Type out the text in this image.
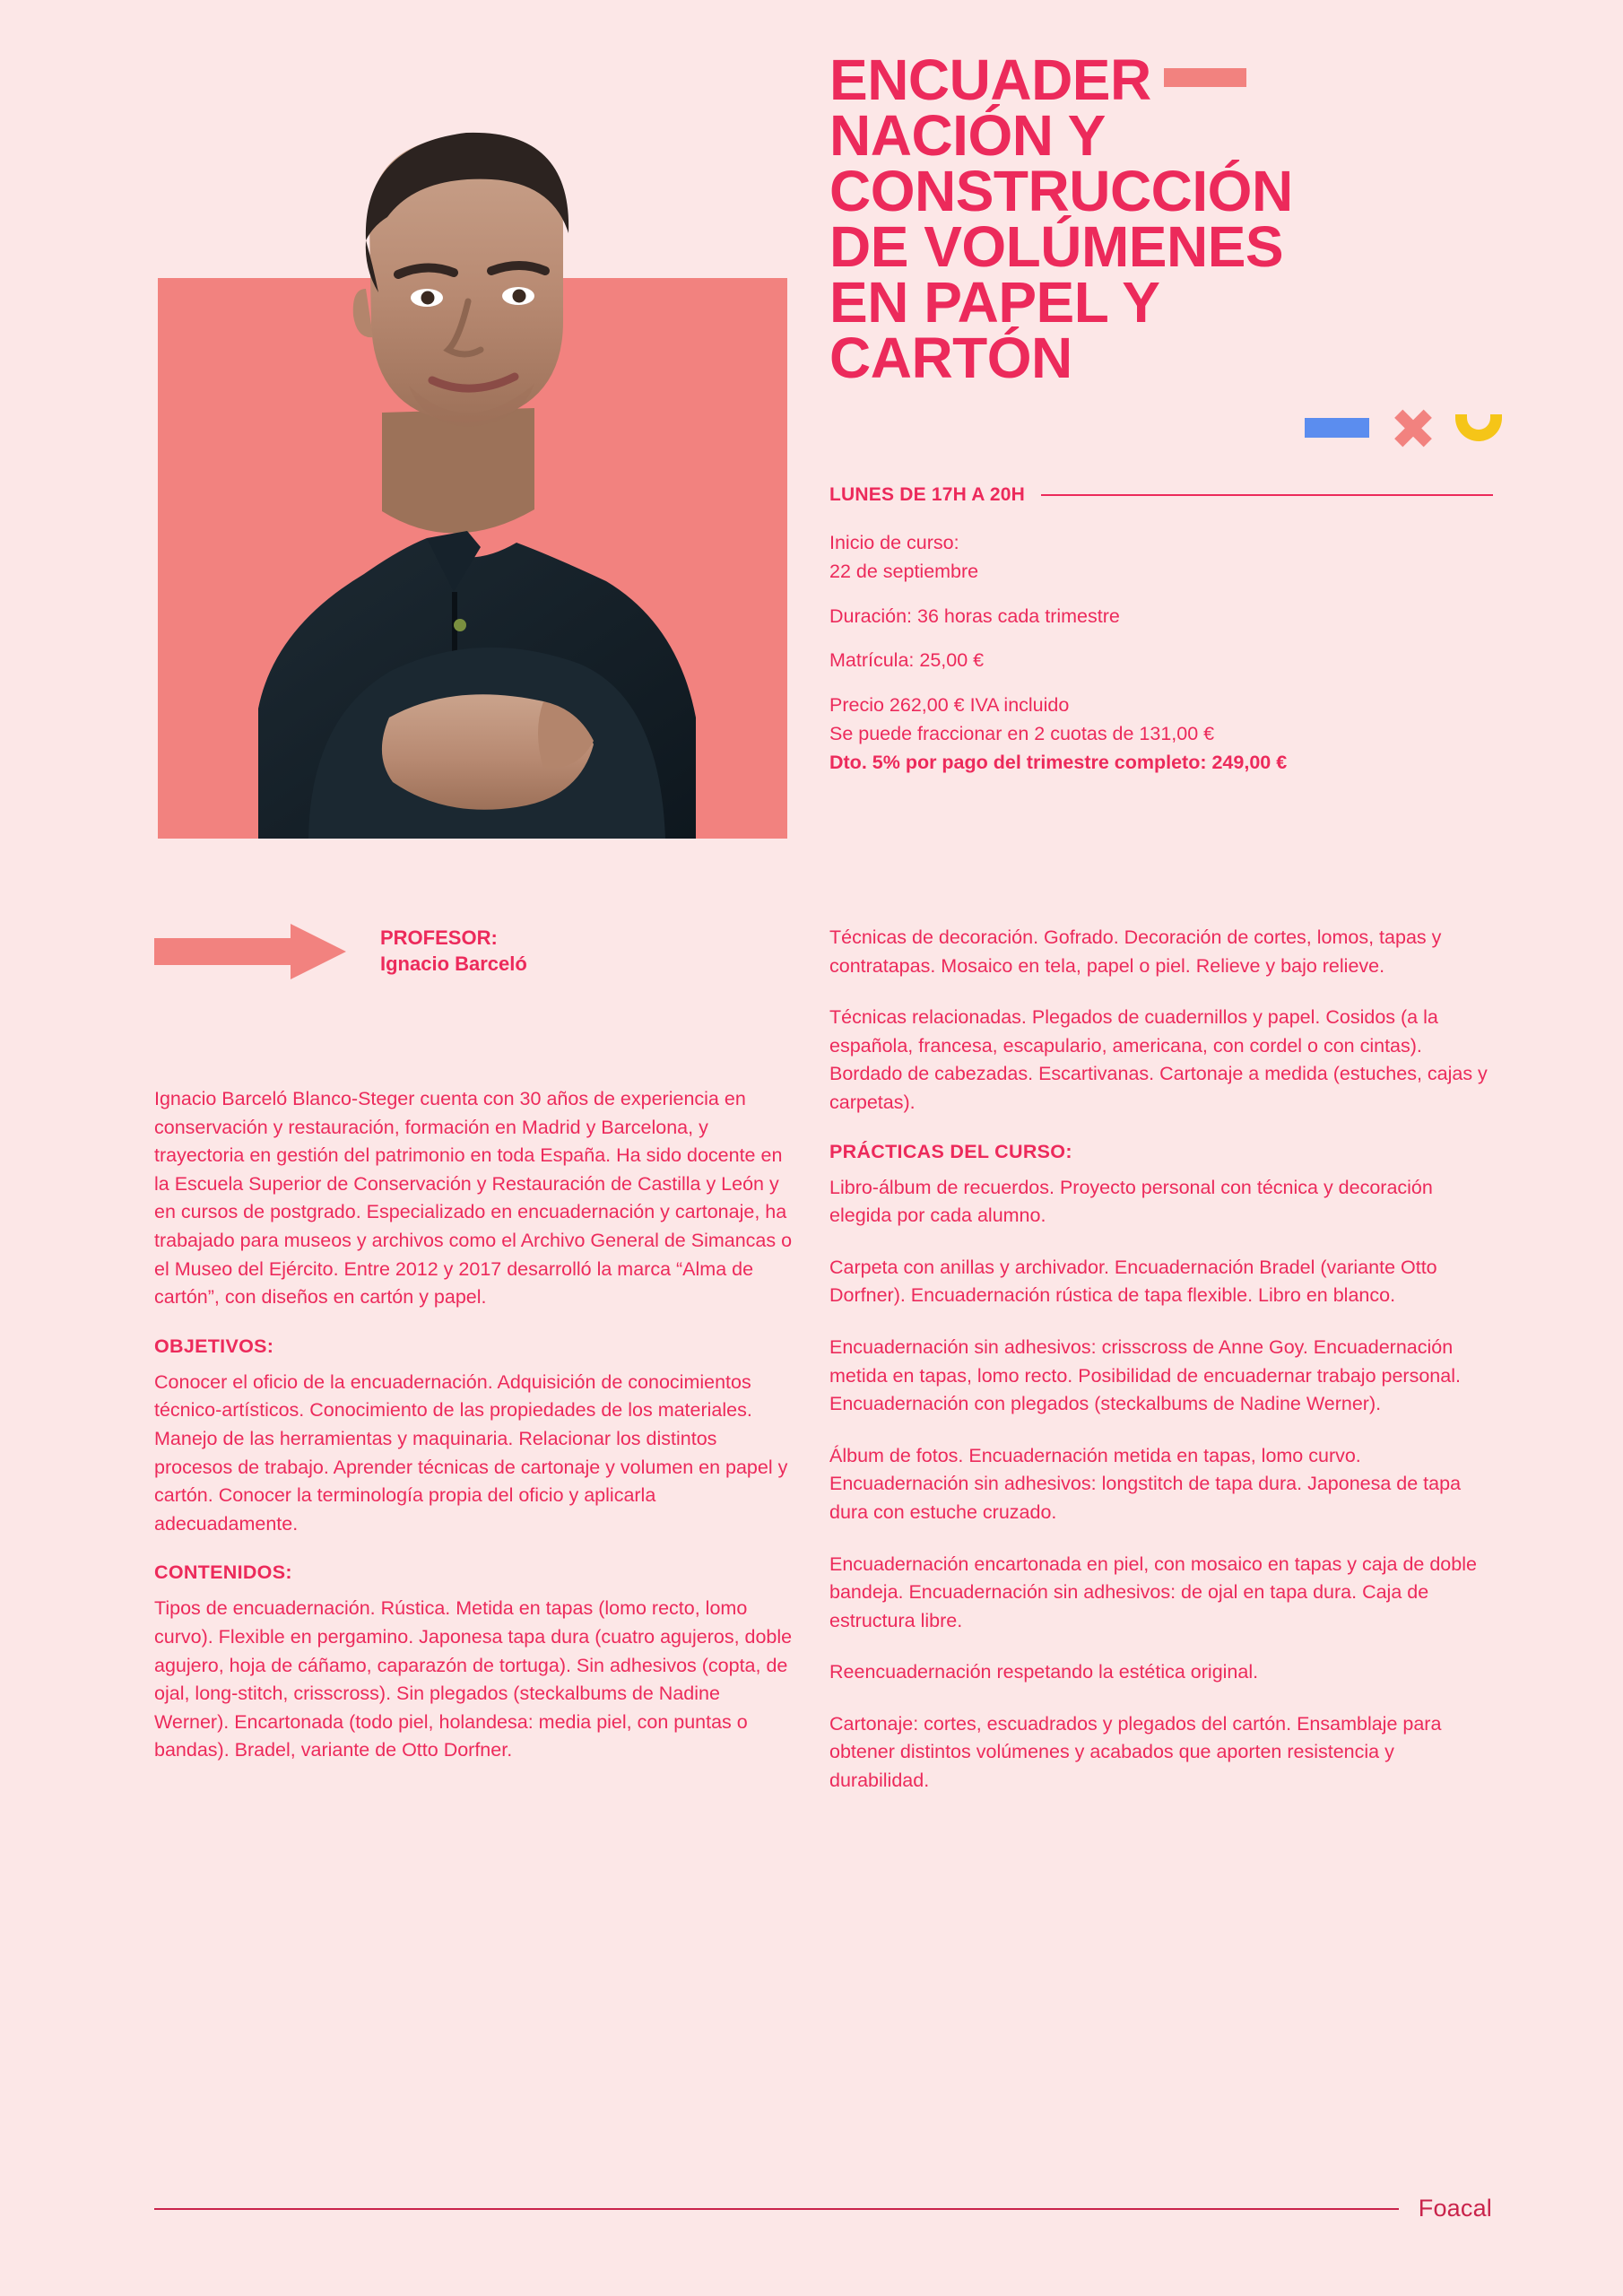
ENCUADER
NACIÓN Y
CONSTRUCCIÓN
DE VOLÚMENES
EN PAPEL Y
CARTÓN
LUNES DE 17H A 20H

Inicio de curso:
22 de septiembre

Duración: 36 horas cada trimestre

Matrícula: 25,00 €

Precio 262,00 € IVA incluido
Se puede fraccionar en 2 cuotas de 131,00 €
Dto. 5% por pago del trimestre completo: 249,00 €

PROFESOR:
Ignacio Barceló

Ignacio Barceló Blanco-Steger cuenta con 30 años de experiencia en conservación y restauración, formación en Madrid y Barcelona, y trayectoria en gestión del patrimonio en toda España. Ha sido docente en la Escuela Superior de Conservación y Restauración de Castilla y León y en cursos de postgrado. Especializado en encuadernación y cartonaje, ha trabajado para museos y archivos como el Archivo General de Simancas o el Museo del Ejército. Entre 2012 y 2017 desarrolló la marca “Alma de cartón”, con diseños en cartón y papel.

OBJETIVOS:

Conocer el oficio de la encuadernación. Adquisición de conocimientos técnico-artísticos. Conocimiento de las propiedades de los materiales. Manejo de las herramientas y maquinaria. Relacionar los distintos procesos de trabajo. Aprender técnicas de cartonaje y volumen en papel y cartón. Conocer la terminología propia del oficio y aplicarla adecuadamente.

CONTENIDOS:

Tipos de encuadernación. Rústica. Metida en tapas (lomo recto, lomo curvo). Flexible en pergamino. Japonesa tapa dura (cuatro agujeros, doble agujero, hoja de cáñamo, caparazón de tortuga). Sin adhesivos (copta, de ojal, long-stitch, crisscross). Sin plegados (steckalbums de Nadine Werner). Encartonada (todo piel, holandesa: media piel, con puntas o bandas). Bradel, variante de Otto Dorfner.

Técnicas de decoración. Gofrado. Decoración de cortes, lomos, tapas y contratapas. Mosaico en tela, papel o piel. Relieve y bajo relieve.

Técnicas relacionadas. Plegados de cuadernillos y papel. Cosidos (a la española, francesa, escapulario, americana, con cordel o con cintas). Bordado de cabezadas. Escartivanas. Cartonaje a medida (estuches, cajas y carpetas).

PRÁCTICAS DEL CURSO:

Libro-álbum de recuerdos. Proyecto personal con técnica y decoración elegida por cada alumno.

Carpeta con anillas y archivador. Encuadernación Bradel (variante Otto Dorfner). Encuadernación rústica de tapa flexible. Libro en blanco.

Encuadernación sin adhesivos: crisscross de Anne Goy. Encuadernación metida en tapas, lomo recto. Posibilidad de encuadernar trabajo personal. Encuadernación con plegados (steckalbums de Nadine Werner).

Álbum de fotos. Encuadernación metida en tapas, lomo curvo. Encuadernación sin adhesivos: longstitch de tapa dura. Japonesa de tapa dura con estuche cruzado.

Encuadernación encartonada en piel, con mosaico en tapas y caja de doble bandeja. Encuadernación sin adhesivos: de ojal en tapa dura. Caja de estructura libre.

Reencuadernación respetando la estética original.

Cartonaje: cortes, escuadrados y plegados del cartón. Ensamblaje para obtener distintos volúmenes y acabados que aporten resistencia y durabilidad.

Foacal
